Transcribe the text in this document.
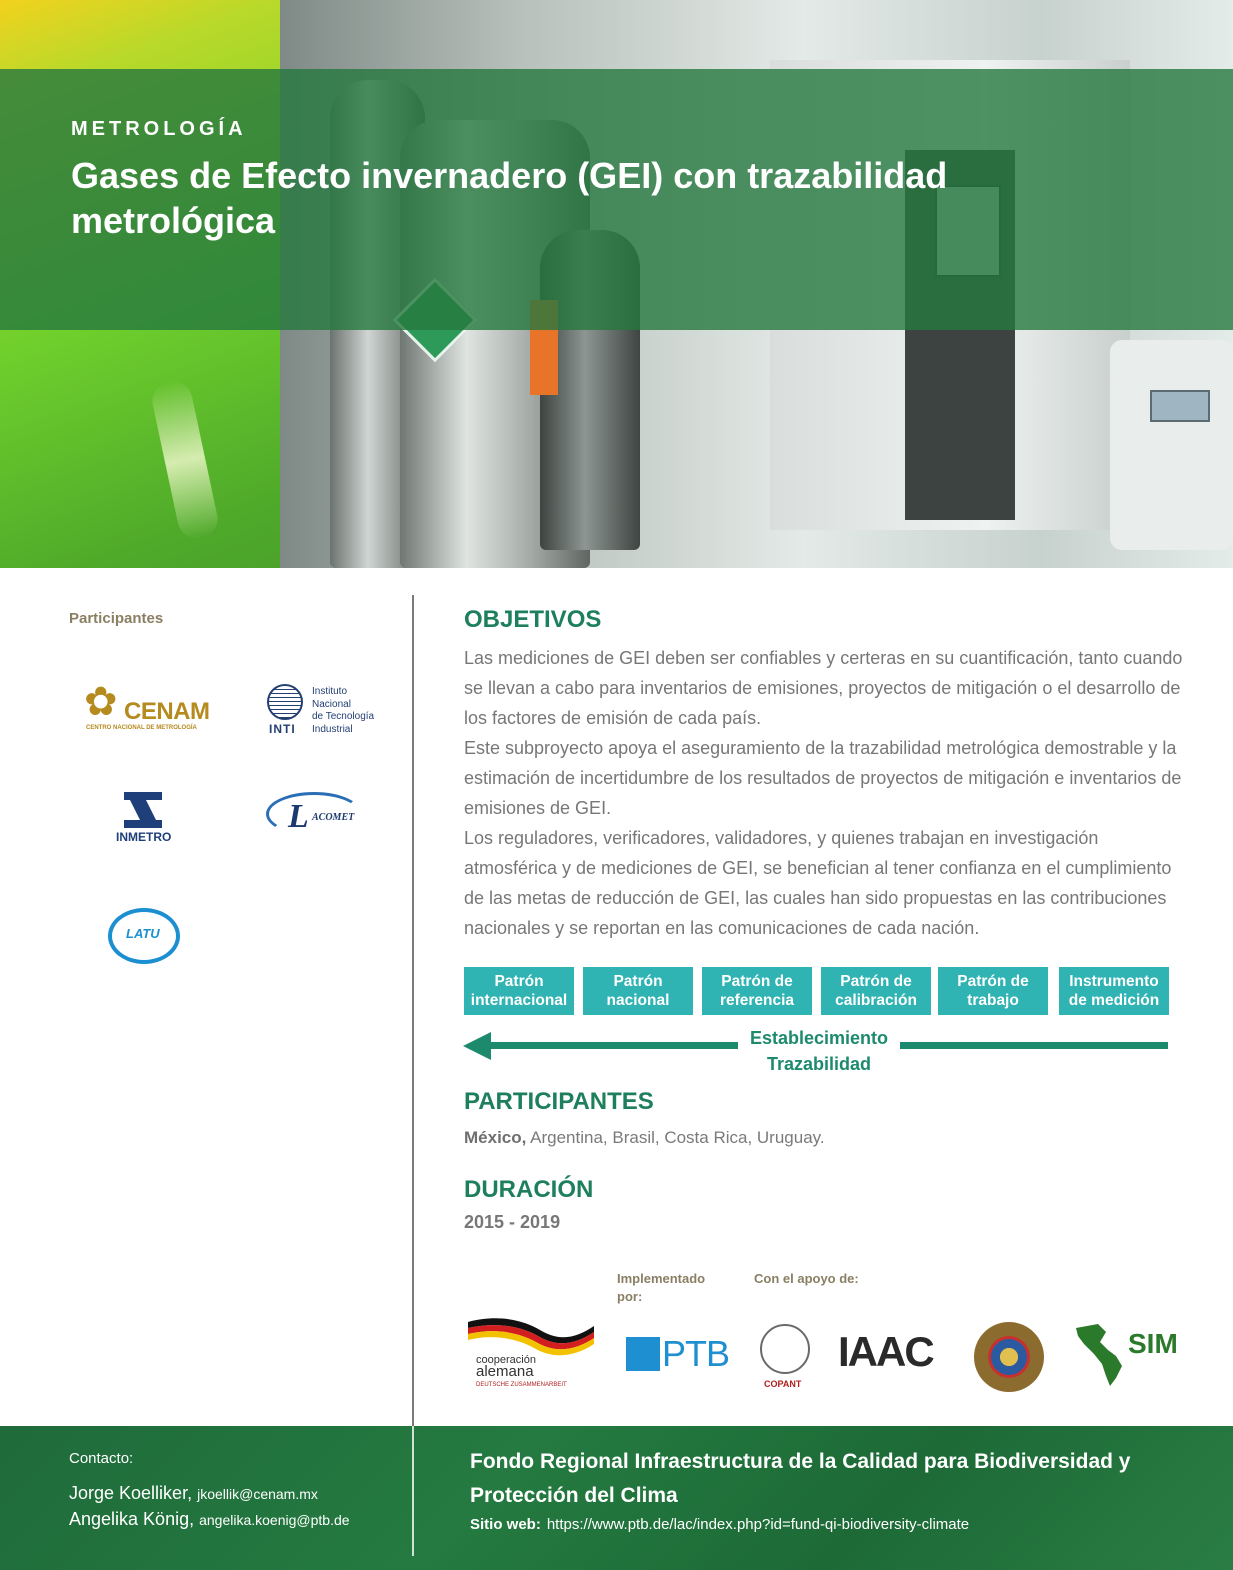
METROLOGÍA
Gases de Efecto invernadero (GEI) con trazabilidad metrológica
Participantes
✿ CENAM
CENTRO NACIONAL DE METROLOGÍA	INTI
Instituto
Nacional
de Tecnología
Industrial
INMETRO
L ACOMET
LATU
OBJETIVOS

Las mediciones de GEI deben ser confiables y certeras en su cuantificación, tanto cuando se llevan a cabo para inventarios de emisiones, proyectos de mitigación o el desarrollo de los factores de emisión de cada país.

Este subproyecto apoya el aseguramiento de la trazabilidad metrológica demostrable y la estimación de incertidumbre de los resultados de proyectos de mitigación e inventarios de emisiones de GEI.

Los reguladores, verificadores, validadores, y quienes trabajan en investigación atmosférica y de mediciones de GEI, se benefician al tener confianza en el cumplimiento de las metas de reducción de GEI, las cuales han sido propuestas en las contribuciones nacionales y se reportan en las comunicaciones de cada nación.

Patrón internacional
Patrón nacional
Patrón de referencia
Patrón de calibración
Patrón de trabajo
Instrumento de medición
Establecimiento
Trazabilidad
PARTICIPANTES
México, Argentina, Brasil, Costa Rica, Uruguay.
DURACIÓN
2015 - 2019
Implementado por:
Con el apoyo de:
cooperación
alemana
DEUTSCHE ZUSAMMENARBEIT
PTB
COPANT
IAAC	SIM
Contacto:
Jorge Koelliker, jkoellik@cenam.mx
Angelika König, angelika.koenig@ptb.de
Fondo Regional Infraestructura de la Calidad para Biodiversidad y Protección del Clima
Sitio web: https://www.ptb.de/lac/index.php?id=fund-qi-biodiversity-climate
